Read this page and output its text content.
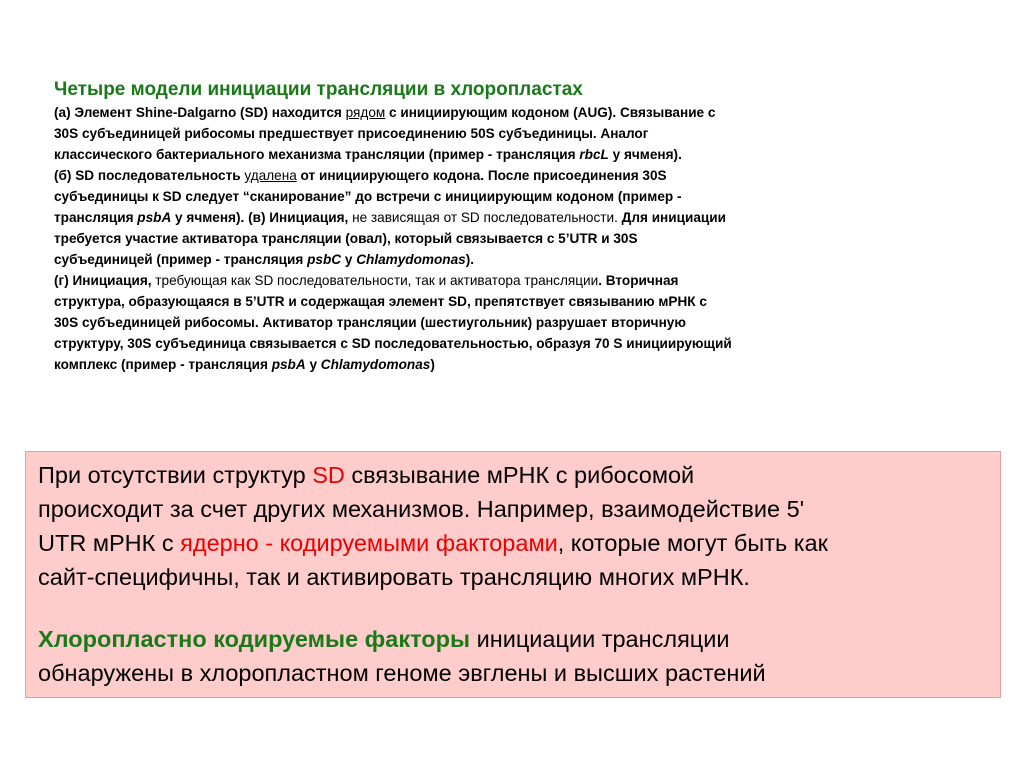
Четыре модели инициации трансляции в хлоропластах
(а) Элемент Shine-Dalgarno (SD) находится рядом с инициирующим кодоном (AUG). Связывание с
30S субъединицей рибосомы предшествует присоединению 50S субъединицы. Аналог
классического бактериального механизма трансляции (пример - трансляция rbcL у ячменя).
(б) SD последовательность удалена от инициирующего кодона. После присоединения 30S
субъединицы к SD следует “сканирование” до встречи с инициирующим кодоном (пример -
трансляция psbA у ячменя). (в) Инициация, не зависящая от SD последовательности. Для инициации
требуется участие активатора трансляции (овал), который связывается с 5’UTR и 30S
субъединицей (пример - трансляция psbC у Chlamydomonas).
(г) Инициация, требующая как SD последовательности, так и активатора трансляции. Вторичная
структура, образующаяся в 5’UTR и содержащая элемент SD, препятствует связыванию мРНК с
30S субъединицей рибосомы. Активатор трансляции (шестиугольник) разрушает вторичную
структуру, 30S субъединица связывается с SD последовательностью, образуя 70 S инициирующий
комплекс (пример - трансляция psbA у Chlamydomonas)
При отсутствии структур SD связывание мРНК с рибосомой
происходит за счет других механизмов. Например, взаимодействие 5'
UTR мРНК с ядерно - кодируемыми факторами, которые могут быть как
сайт-специфичны, так и активировать трансляцию многих мРНК.
Хлоропластно кодируемые факторы инициации трансляции
обнаружены в хлоропластном геноме эвглены и высших растений
